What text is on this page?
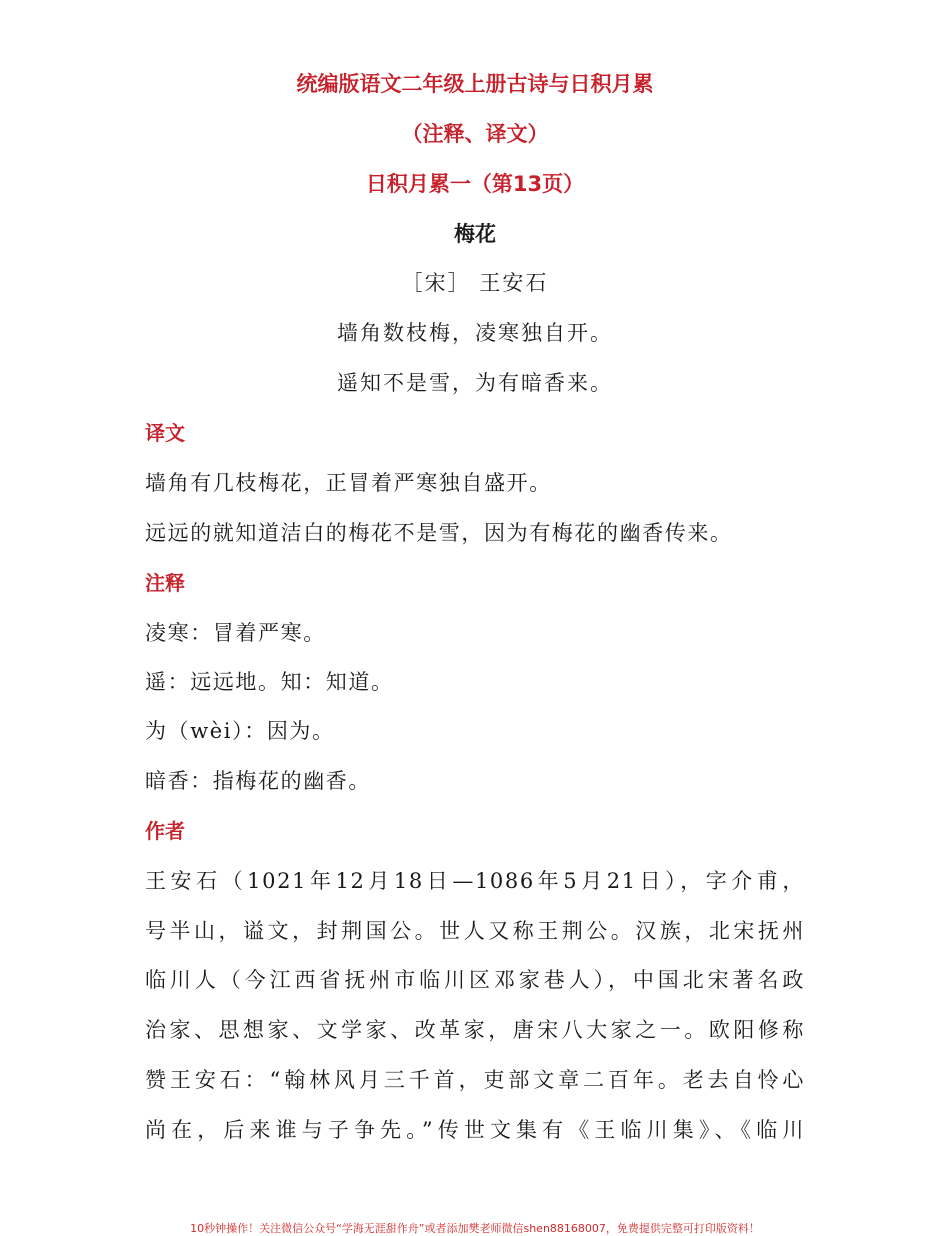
统编版语文二年级上册古诗与日积月累
（注释、译文）
日积月累一（第13页）
梅花
［宋］ 王安石
墙角数枝梅，凌寒独自开。
遥知不是雪，为有暗香来。
译文
墙角有几枝梅花，正冒着严寒独自盛开。
远远的就知道洁白的梅花不是雪，因为有梅花的幽香传来。
注释
凌寒：冒着严寒。
遥：远远地。知：知道。
为（wèi）：因为。
暗香：指梅花的幽香。
作者
王安石（1021年12月18日—1086年5月21日），字介甫，
号半山，谥文，封荆国公。世人又称王荆公。汉族，北宋抚州
临川人（今江西省抚州市临川区邓家巷人），中国北宋著名政
治家、思想家、文学家、改革家，唐宋八大家之一。欧阳修称
赞王安石：“翰林风月三千首，吏部文章二百年。老去自怜心
尚在，后来谁与子争先。”传世文集有《王临川集》、《临川
10秒钟操作！关注微信公众号“学海无涯甜作舟”或者添加樊老师微信shen88168007，免费提供完整可打印版资料！
